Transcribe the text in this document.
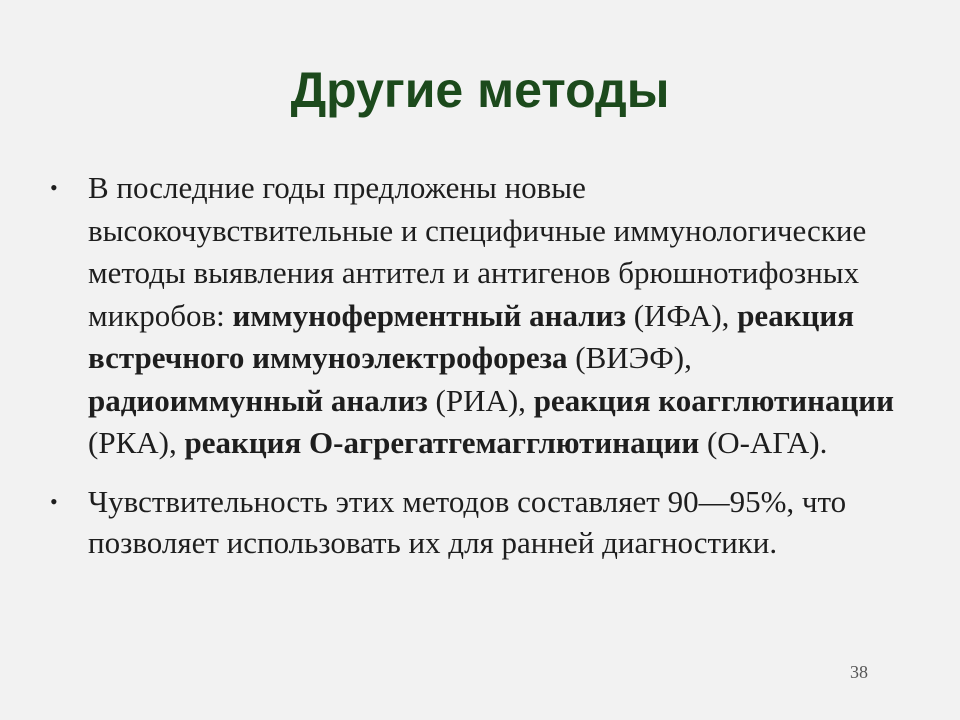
Другие методы
• В последние годы предложены новые высокочувствительные и специфичные иммунологические методы выявления антител и антигенов брюшнотифозных микробов: иммуноферментный анализ (ИФА), реакция встречного иммуноэлектрофореза (ВИЭФ), радиоиммунный анализ (РИА), реакция коагглютинации (РКА), реакция О-агрегатгемагглютинации (О-АГА).
• Чувствительность этих методов составляет 90—95%, что позволяет использовать их для ранней диагностики.
38
